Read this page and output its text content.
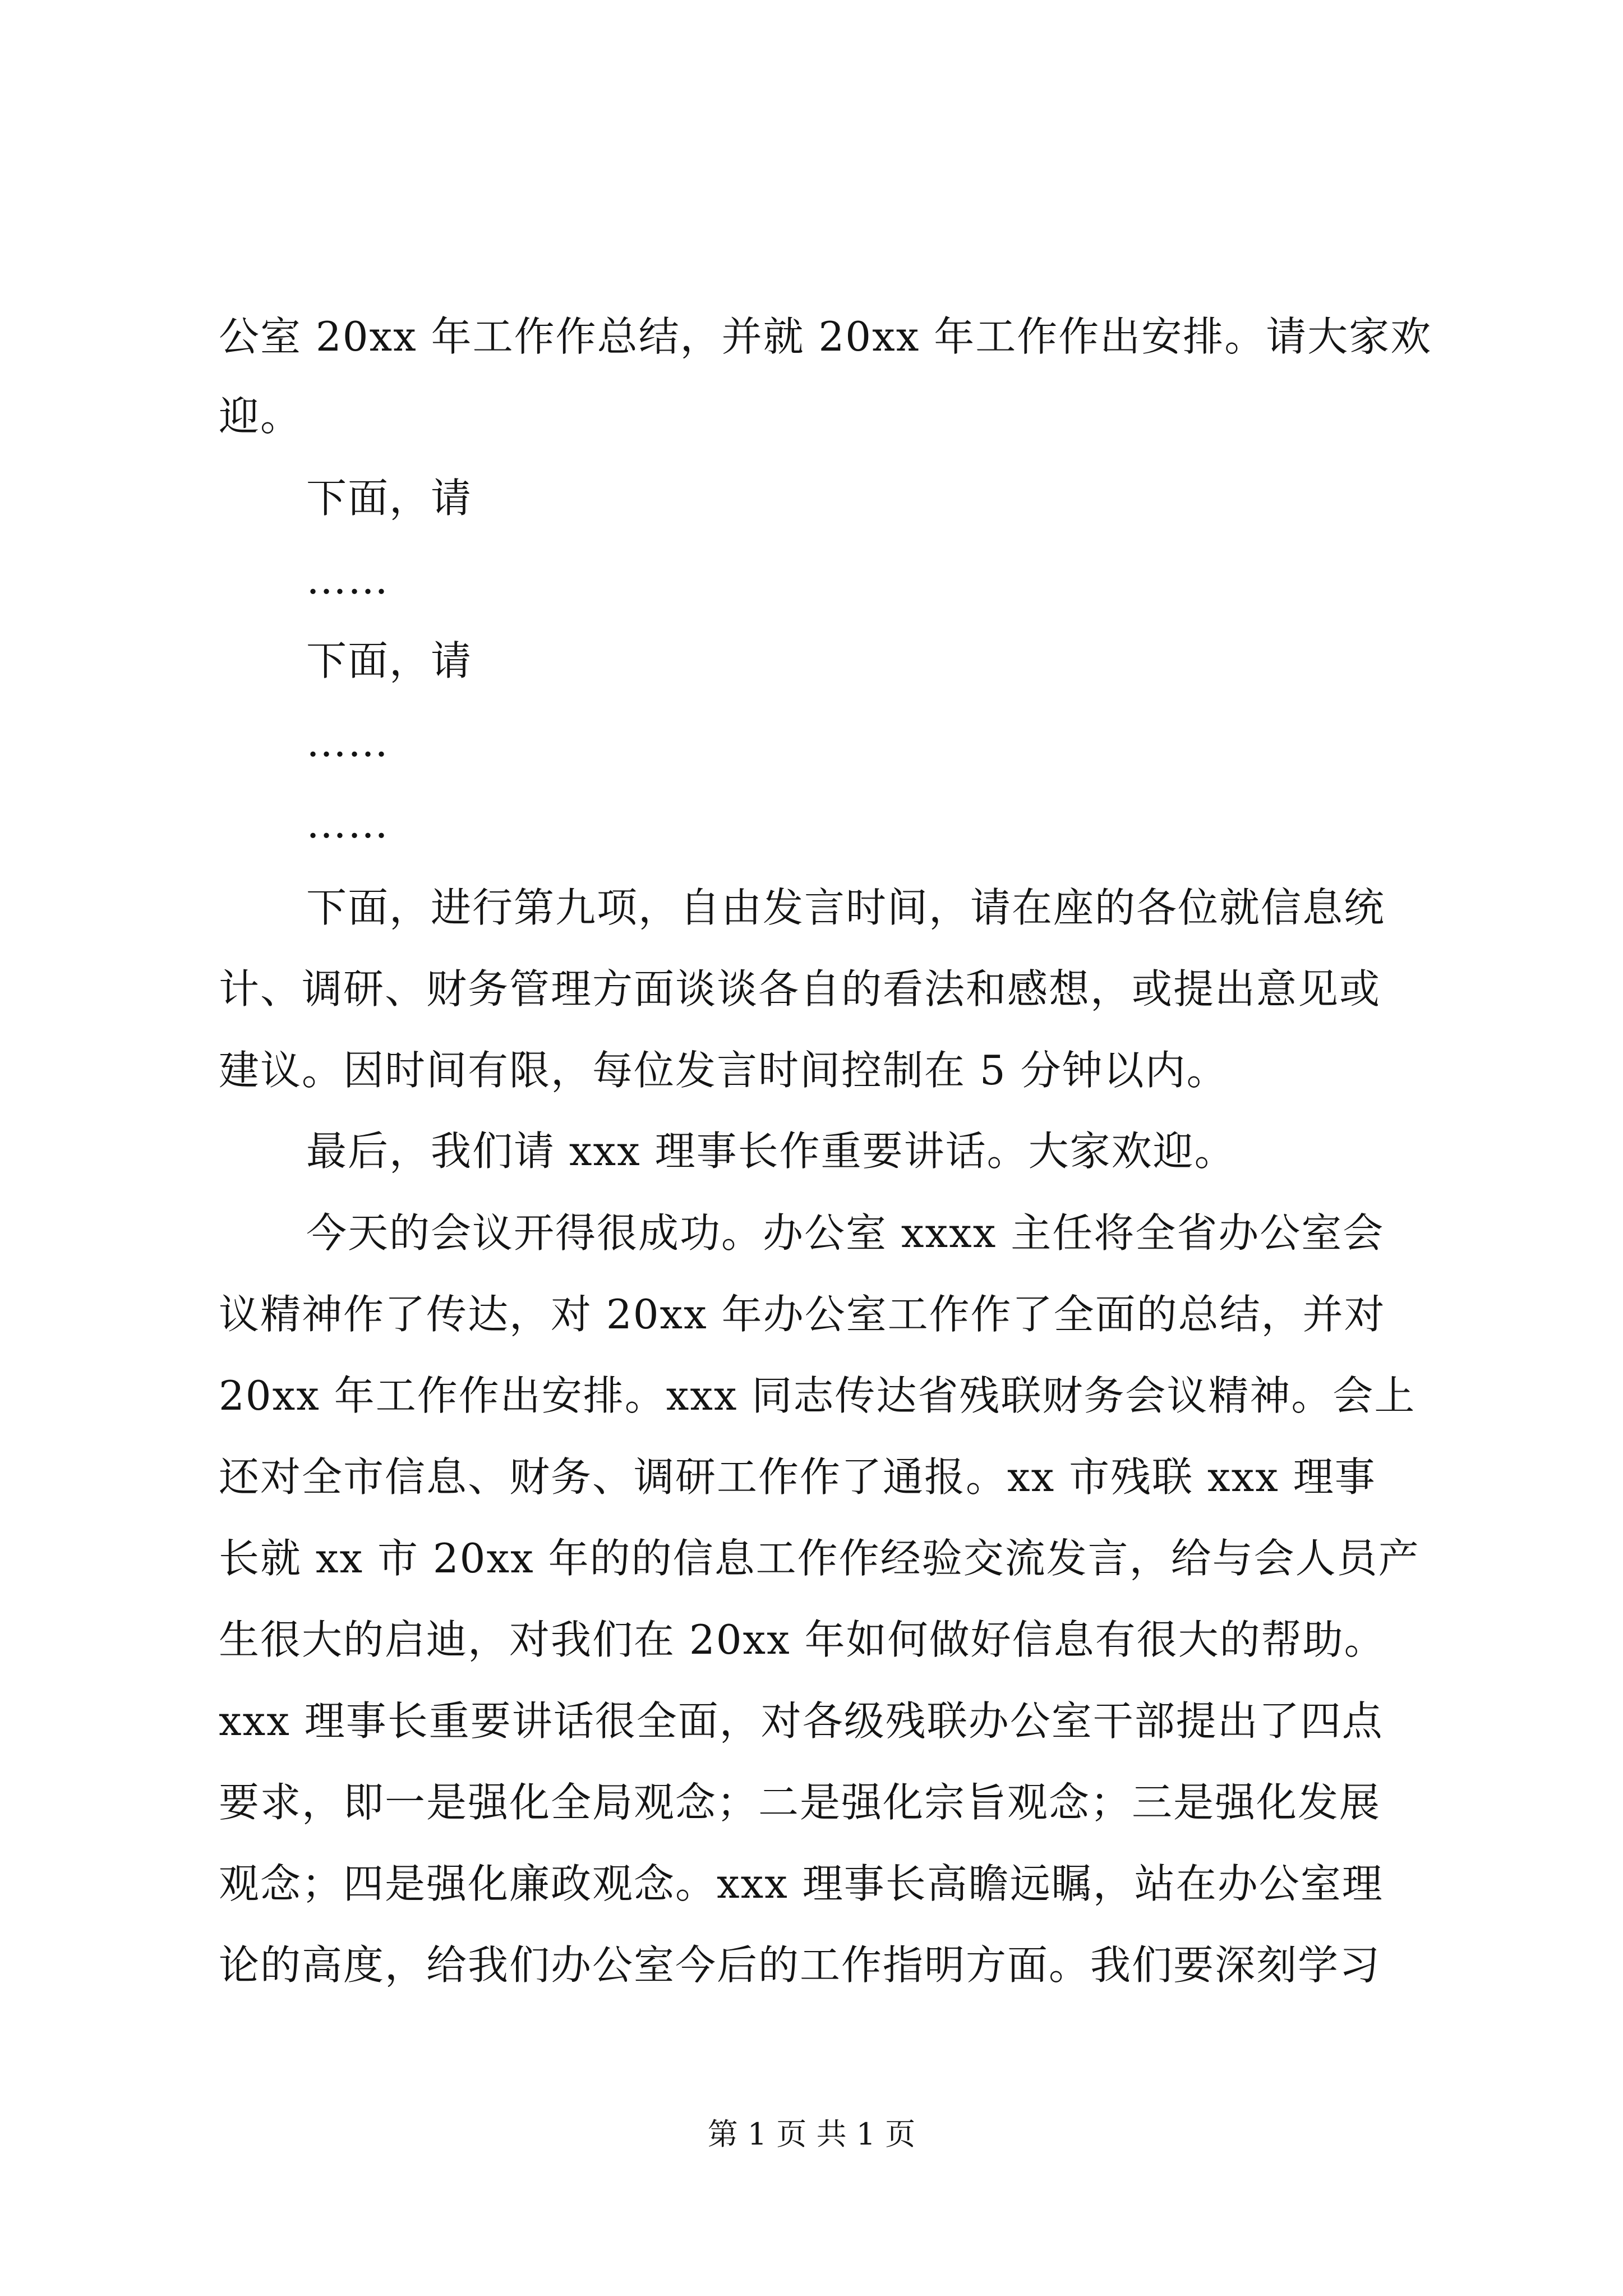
公室 20xx 年工作作总结，并就 20xx 年工作作出安排。请大家欢
迎。
下面，请
……
下面，请
……
……
下面，进行第九项，自由发言时间，请在座的各位就信息统
计、调研、财务管理方面谈谈各自的看法和感想，或提出意见或
建议。因时间有限，每位发言时间控制在 5 分钟以内。
最后，我们请 xxx 理事长作重要讲话。大家欢迎。
今天的会议开得很成功。办公室 xxxx 主任将全省办公室会
议精神作了传达，对 20xx 年办公室工作作了全面的总结，并对
20xx 年工作作出安排。xxx 同志传达省残联财务会议精神。会上
还对全市信息、财务、调研工作作了通报。xx 市残联 xxx 理事
长就 xx 市 20xx 年的的信息工作作经验交流发言，给与会人员产
生很大的启迪，对我们在 20xx 年如何做好信息有很大的帮助。
xxx 理事长重要讲话很全面，对各级残联办公室干部提出了四点
要求，即一是强化全局观念；二是强化宗旨观念；三是强化发展
观念；四是强化廉政观念。xxx 理事长高瞻远瞩，站在办公室理
论的高度，给我们办公室今后的工作指明方面。我们要深刻学习
第 1 页 共 1 页
